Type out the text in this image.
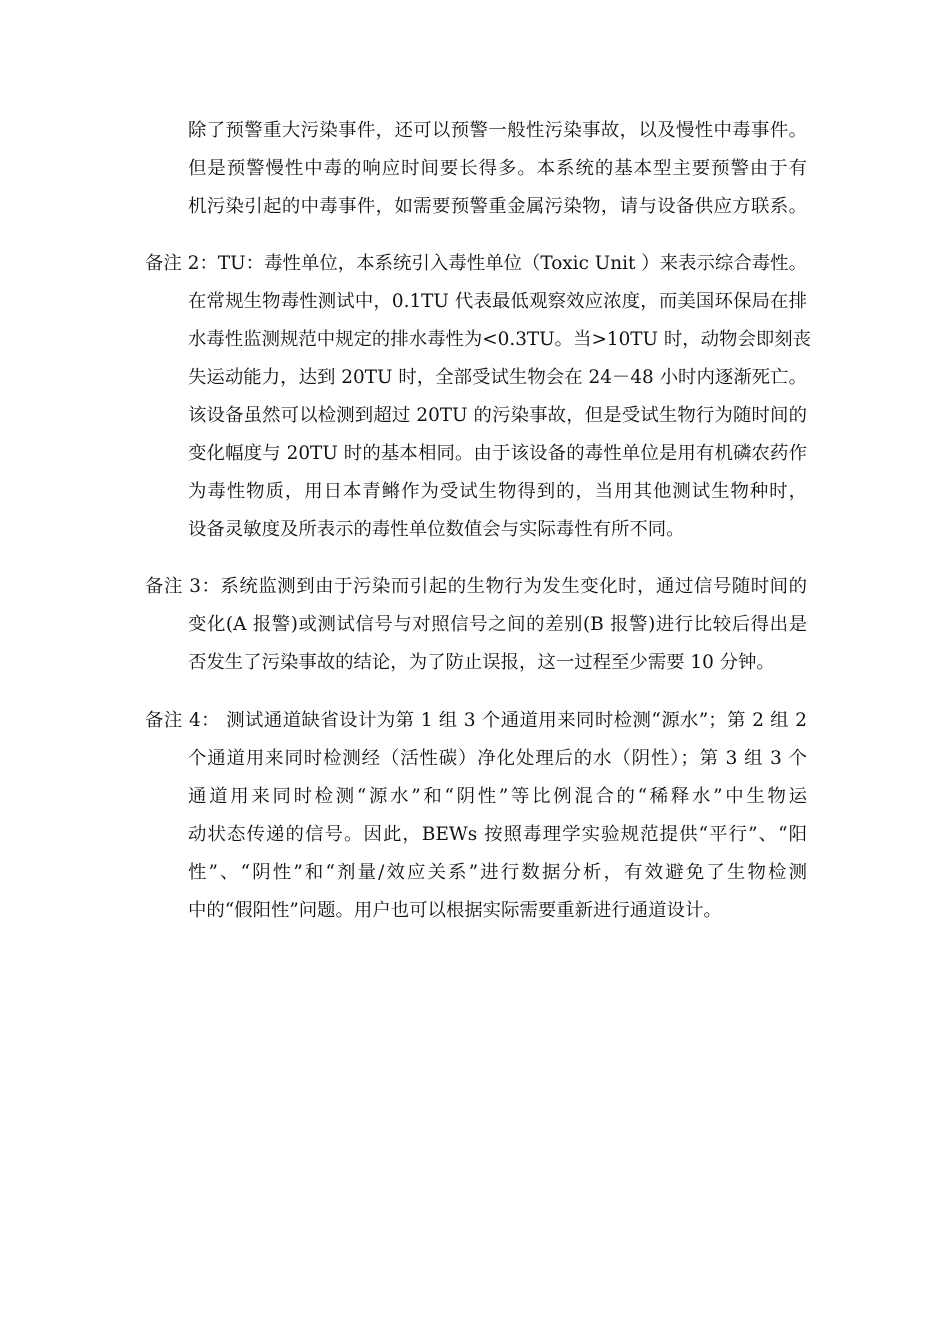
除了预警重大污染事件，还可以预警一般性污染事故，以及慢性中毒事件。
但是预警慢性中毒的响应时间要长得多。本系统的基本型主要预警由于有
机污染引起的中毒事件，如需要预警重金属污染物，请与设备供应方联系。
备注 2：TU：毒性单位，本系统引入毒性单位（Toxic Unit ）来表示综合毒性。
在常规生物毒性测试中，0.1TU 代表最低观察效应浓度，而美国环保局在排
水毒性监测规范中规定的排水毒性为<0.3TU。当>10TU 时，动物会即刻丧
失运动能力，达到 20TU 时，全部受试生物会在 24－48 小时内逐渐死亡。
该设备虽然可以检测到超过 20TU 的污染事故，但是受试生物行为随时间的
变化幅度与 20TU 时的基本相同。由于该设备的毒性单位是用有机磷农药作
为毒性物质，用日本青鳉作为受试生物得到的，当用其他测试生物种时，
设备灵敏度及所表示的毒性单位数值会与实际毒性有所不同。
备注 3：系统监测到由于污染而引起的生物行为发生变化时，通过信号随时间的
变化(A 报警)或测试信号与对照信号之间的差别(B 报警)进行比较后得出是
否发生了污染事故的结论，为了防止误报，这一过程至少需要 10 分钟。
备注 4： 测试通道缺省设计为第 1 组 3 个通道用来同时检测“源水”；第 2 组 2
个通道用来同时检测经（活性碳）净化处理后的水（阴性）；第 3 组 3 个
通道用来同时检测“源水”和“阴性”等比例混合的“稀释水”中生物运
动状态传递的信号。因此，BEWs 按照毒理学实验规范提供“平行”、“阳
性”、“阴性”和“剂量/效应关系”进行数据分析，有效避免了生物检测
中的“假阳性”问题。用户也可以根据实际需要重新进行通道设计。
